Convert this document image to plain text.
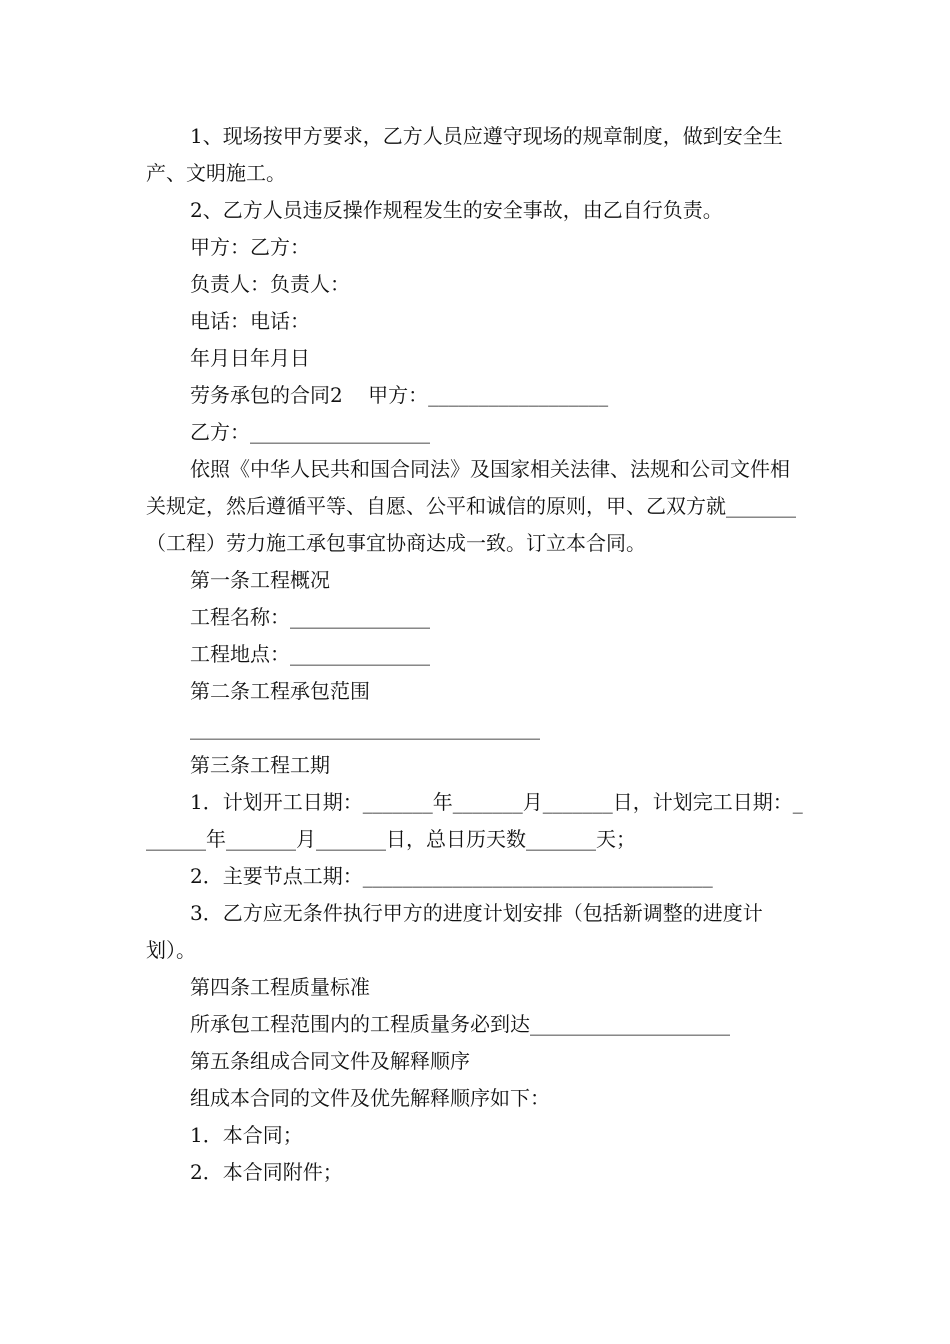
1、现场按甲方要求，乙方人员应遵守现场的规章制度，做到安全生产、文明施工。

2、乙方人员违反操作规程发生的安全事故，由乙自行负责。

甲方：乙方：

负责人：负责人：

电话：电话：

年月日年月日

劳务承包的合同2    甲方：__________________

乙方：__________________

依照《中华人民共和国合同法》及国家相关法律、法规和公司文件相关规定，然后遵循平等、自愿、公平和诚信的原则，甲、乙双方就_______（工程）劳力施工承包事宜协商达成一致。订立本合同。

第一条工程概况

工程名称：______________

工程地点：______________

第二条工程承包范围

___________________________________

第三条工程工期

1．计划开工日期：_______年_______月_______日，计划完工日期：_______年_______月_______日，总日历天数_______天；

2．主要节点工期：___________________________________

3．乙方应无条件执行甲方的进度计划安排（包括新调整的进度计划）。

第四条工程质量标准

所承包工程范围内的工程质量务必到达____________________

第五条组成合同文件及解释顺序

组成本合同的文件及优先解释顺序如下：

1．本合同；

2．本合同附件；
